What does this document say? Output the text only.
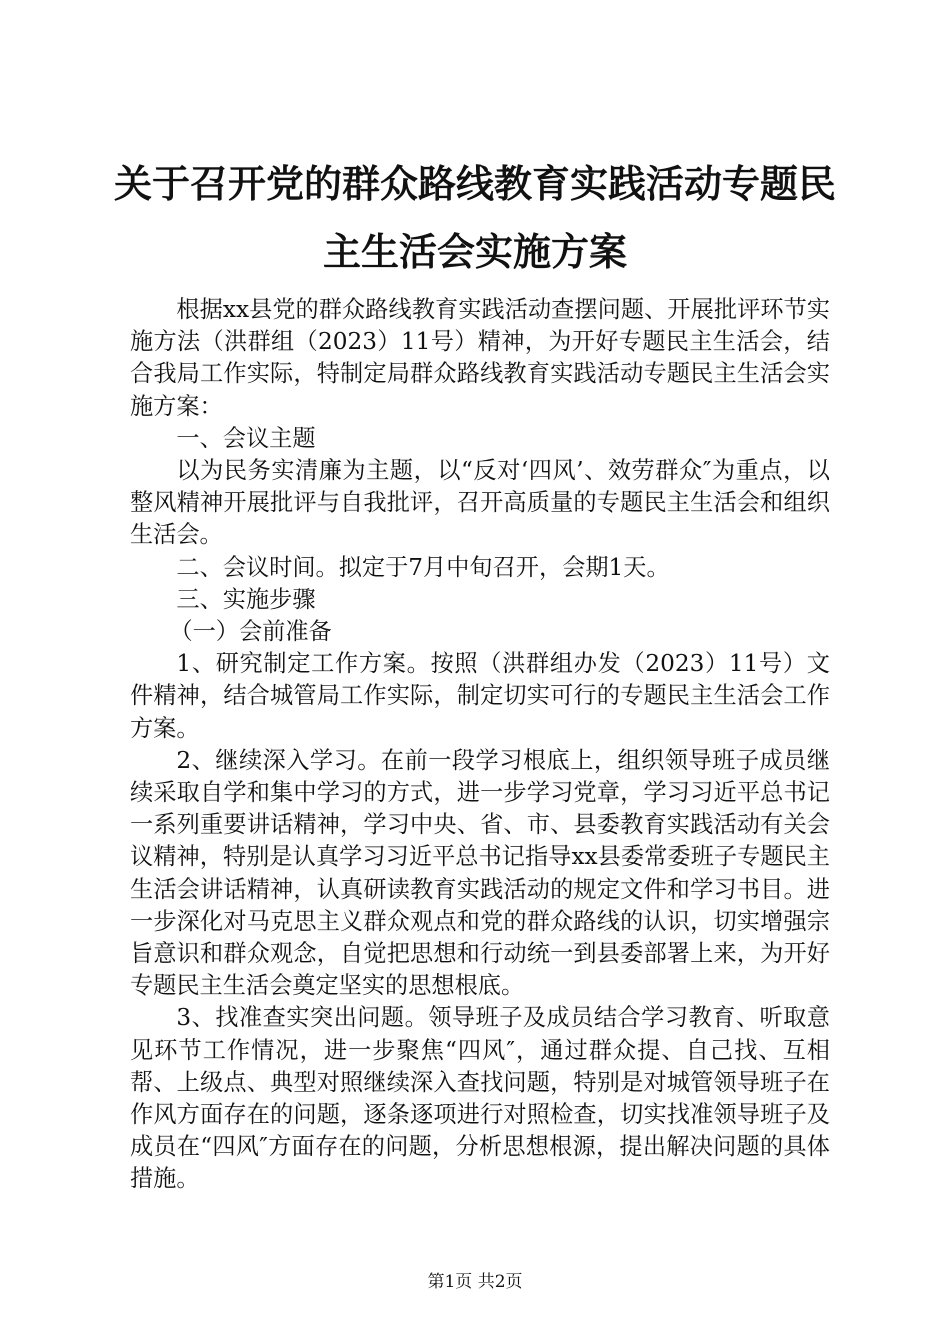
关于召开党的群众路线教育实践活动专题民主生活会实施方案

根据xx县党的群众路线教育实践活动查摆问题、开展批评环节实施方法（洪群组（2023）11号）精神，为开好专题民主生活会，结合我局工作实际，特制定局群众路线教育实践活动专题民主生活会实施方案：

一、会议主题

以为民务实清廉为主题，以“反对‘四风’、效劳群众″为重点，以整风精神开展批评与自我批评，召开高质量的专题民主生活会和组织生活会。

二、会议时间。拟定于7月中旬召开，会期1天。

三、实施步骤

（一）会前准备

1、研究制定工作方案。按照（洪群组办发（2023）11号）文件精神，结合城管局工作实际，制定切实可行的专题民主生活会工作方案。

2、继续深入学习。在前一段学习根底上，组织领导班子成员继续采取自学和集中学习的方式，进一步学习党章，学习习近平总书记一系列重要讲话精神，学习中央、省、市、县委教育实践活动有关会议精神，特别是认真学习习近平总书记指导xx县委常委班子专题民主生活会讲话精神，认真研读教育实践活动的规定文件和学习书目。进一步深化对马克思主义群众观点和党的群众路线的认识，切实增强宗旨意识和群众观念，自觉把思想和行动统一到县委部署上来，为开好专题民主生活会奠定坚实的思想根底。

3、找准查实突出问题。领导班子及成员结合学习教育、听取意见环节工作情况，进一步聚焦“四风″，通过群众提、自己找、互相帮、上级点、典型对照继续深入查找问题，特别是对城管领导班子在作风方面存在的问题，逐条逐项进行对照检查，切实找准领导班子及成员在“四风″方面存在的问题，分析思想根源，提出解决问题的具体措施。

第1页 共2页
